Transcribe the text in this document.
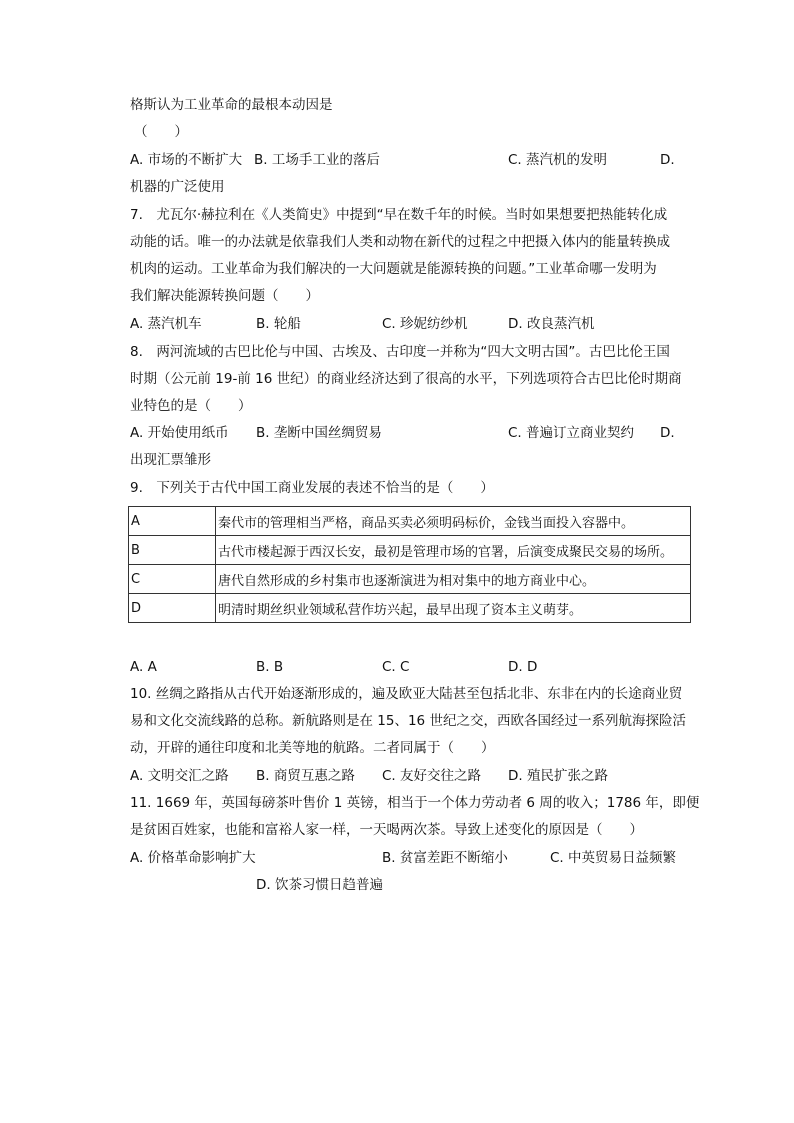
格斯认为工业革命的最根本动因是
（　　）
A. 市场的不断扩大 B. 工场手工业的落后	C. 蒸汽机的发明	D.
机器的广泛使用
7.　尤瓦尔·赫拉利在《人类简史》中提到“早在数千年的时候。当时如果想要把热能转化成
动能的话。唯一的办法就是依靠我们人类和动物在新代的过程之中把摄入体内的能量转换成
机肉的运动。工业革命为我们解决的一大问题就是能源转换的问题。”工业革命哪一发明为
我们解决能源转换问题（　　）
A. 蒸汽机车	B. 轮船	C. 珍妮纺纱机	D. 改良蒸汽机
8.　两河流域的古巴比伦与中国、古埃及、古印度一并称为“四大文明古国”。古巴比伦王国
时期（公元前 19-前 16 世纪）的商业经济达到了很高的水平，下列选项符合古巴比伦时期商
业特色的是（　　）
A. 开始使用纸币 B. 垄断中国丝绸贸易	C. 普遍订立商业契约 D.
出现汇票雏形
9.　下列关于古代中国工商业发展的表述不恰当的是（　　）
A	秦代市的管理相当严格，商品买卖必须明码标价，金钱当面投入容器中。
B	古代市楼起源于西汉长安，最初是管理市场的官署，后演变成聚民交易的场所。
C	唐代自然形成的乡村集市也逐渐演进为相对集中的地方商业中心。
D	明清时期丝织业领域私营作坊兴起，最早出现了资本主义萌芽。
A. A	B. B	C. C	D. D
10. 丝绸之路指从古代开始逐渐形成的，遍及欧亚大陆甚至包括北非、东非在内的长途商业贸
易和文化交流线路的总称。新航路则是在 15、16 世纪之交，西欧各国经过一系列航海探险活
动，开辟的通往印度和北美等地的航路。二者同属于（　　）
A. 文明交汇之路 B. 商贸互惠之路 C. 友好交往之路 D. 殖民扩张之路
11. 1669 年，英国每磅茶叶售价 1 英镑，相当于一个体力劳动者 6 周的收入；1786 年，即便
是贫困百姓家，也能和富裕人家一样，一天喝两次茶。导致上述变化的原因是（　　）
A. 价格革命影响扩大	B. 贫富差距不断缩小	C. 中英贸易日益频繁
D. 饮茶习惯日趋普遍
